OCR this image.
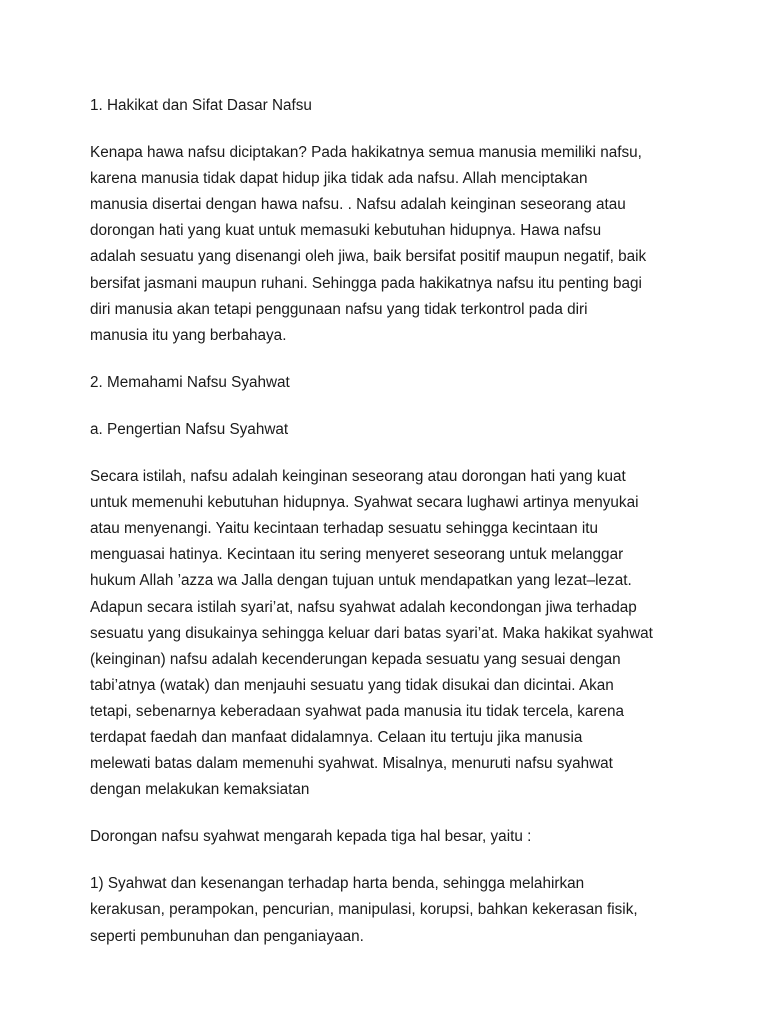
1. Hakikat dan Sifat Dasar Nafsu

Kenapa hawa nafsu diciptakan? Pada hakikatnya semua manusia memiliki nafsu,
karena manusia tidak dapat hidup jika tidak ada nafsu. Allah menciptakan
manusia disertai dengan hawa nafsu. . Nafsu adalah keinginan seseorang atau
dorongan hati yang kuat untuk memasuki kebutuhan hidupnya. Hawa nafsu
adalah sesuatu yang disenangi oleh jiwa, baik bersifat positif maupun negatif, baik
bersifat jasmani maupun ruhani. Sehingga pada hakikatnya nafsu itu penting bagi
diri manusia akan tetapi penggunaan nafsu yang tidak terkontrol pada diri
manusia itu yang berbahaya.

2. Memahami Nafsu Syahwat

a. Pengertian Nafsu Syahwat

Secara istilah, nafsu adalah keinginan seseorang atau dorongan hati yang kuat
untuk memenuhi kebutuhan hidupnya. Syahwat secara lughawi artinya menyukai
atau menyenangi. Yaitu kecintaan terhadap sesuatu sehingga kecintaan itu
menguasai hatinya. Kecintaan itu sering menyeret seseorang untuk melanggar
hukum Allah ’azza wa Jalla dengan tujuan untuk mendapatkan yang lezat–lezat.
Adapun secara istilah syari’at, nafsu syahwat adalah kecondongan jiwa terhadap
sesuatu yang disukainya sehingga keluar dari batas syari’at. Maka hakikat syahwat
(keinginan) nafsu adalah kecenderungan kepada sesuatu yang sesuai dengan
tabi’atnya (watak) dan menjauhi sesuatu yang tidak disukai dan dicintai. Akan
tetapi, sebenarnya keberadaan syahwat pada manusia itu tidak tercela, karena
terdapat faedah dan manfaat didalamnya. Celaan itu tertuju jika manusia
melewati batas dalam memenuhi syahwat. Misalnya, menuruti nafsu syahwat
dengan melakukan kemaksiatan

Dorongan nafsu syahwat mengarah kepada tiga hal besar, yaitu :

1) Syahwat dan kesenangan terhadap harta benda, sehingga melahirkan
kerakusan, perampokan, pencurian, manipulasi, korupsi, bahkan kekerasan fisik,
seperti pembunuhan dan penganiayaan.
